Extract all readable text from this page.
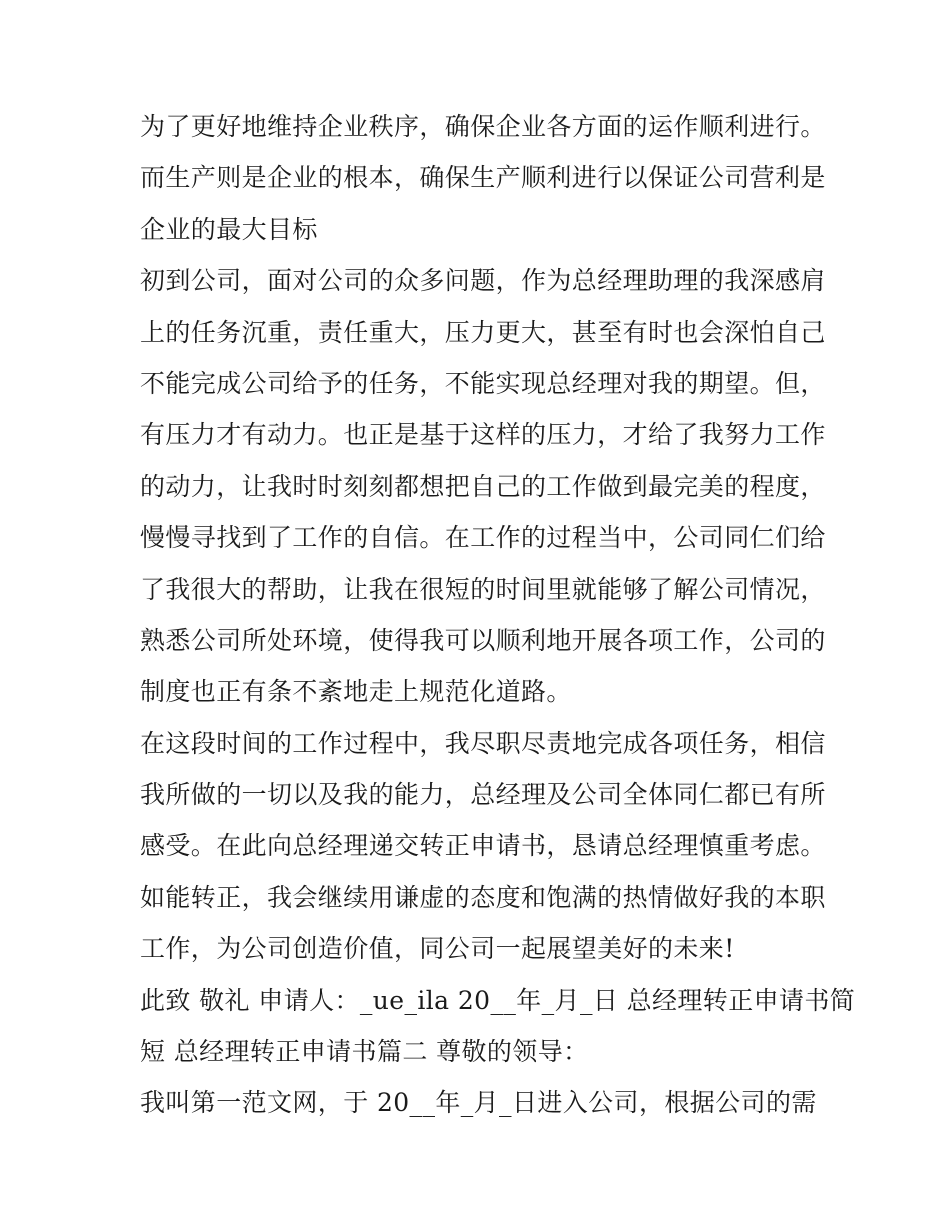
为了更好地维持企业秩序，确保企业各方面的运作顺利进行。
而生产则是企业的根本，确保生产顺利进行以保证公司营利是
企业的最大目标
初到公司，面对公司的众多问题，作为总经理助理的我深感肩
上的任务沉重，责任重大，压力更大，甚至有时也会深怕自己
不能完成公司给予的任务，不能实现总经理对我的期望。但，
有压力才有动力。也正是基于这样的压力，才给了我努力工作
的动力，让我时时刻刻都想把自己的工作做到最完美的程度，
慢慢寻找到了工作的自信。在工作的过程当中，公司同仁们给
了我很大的帮助，让我在很短的时间里就能够了解公司情况，
熟悉公司所处环境，使得我可以顺利地开展各项工作，公司的
制度也正有条不紊地走上规范化道路。
在这段时间的工作过程中，我尽职尽责地完成各项任务，相信
我所做的一切以及我的能力，总经理及公司全体同仁都已有所
感受。在此向总经理递交转正申请书，恳请总经理慎重考虑。
如能转正，我会继续用谦虚的态度和饱满的热情做好我的本职
工作，为公司创造价值，同公司一起展望美好的未来!
此致 敬礼 申请人：_ue_ila 20__年_月_日 总经理转正申请书简
短 总经理转正申请书篇二 尊敬的领导：
我叫第一范文网，于 20__年_月_日进入公司，根据公司的需
